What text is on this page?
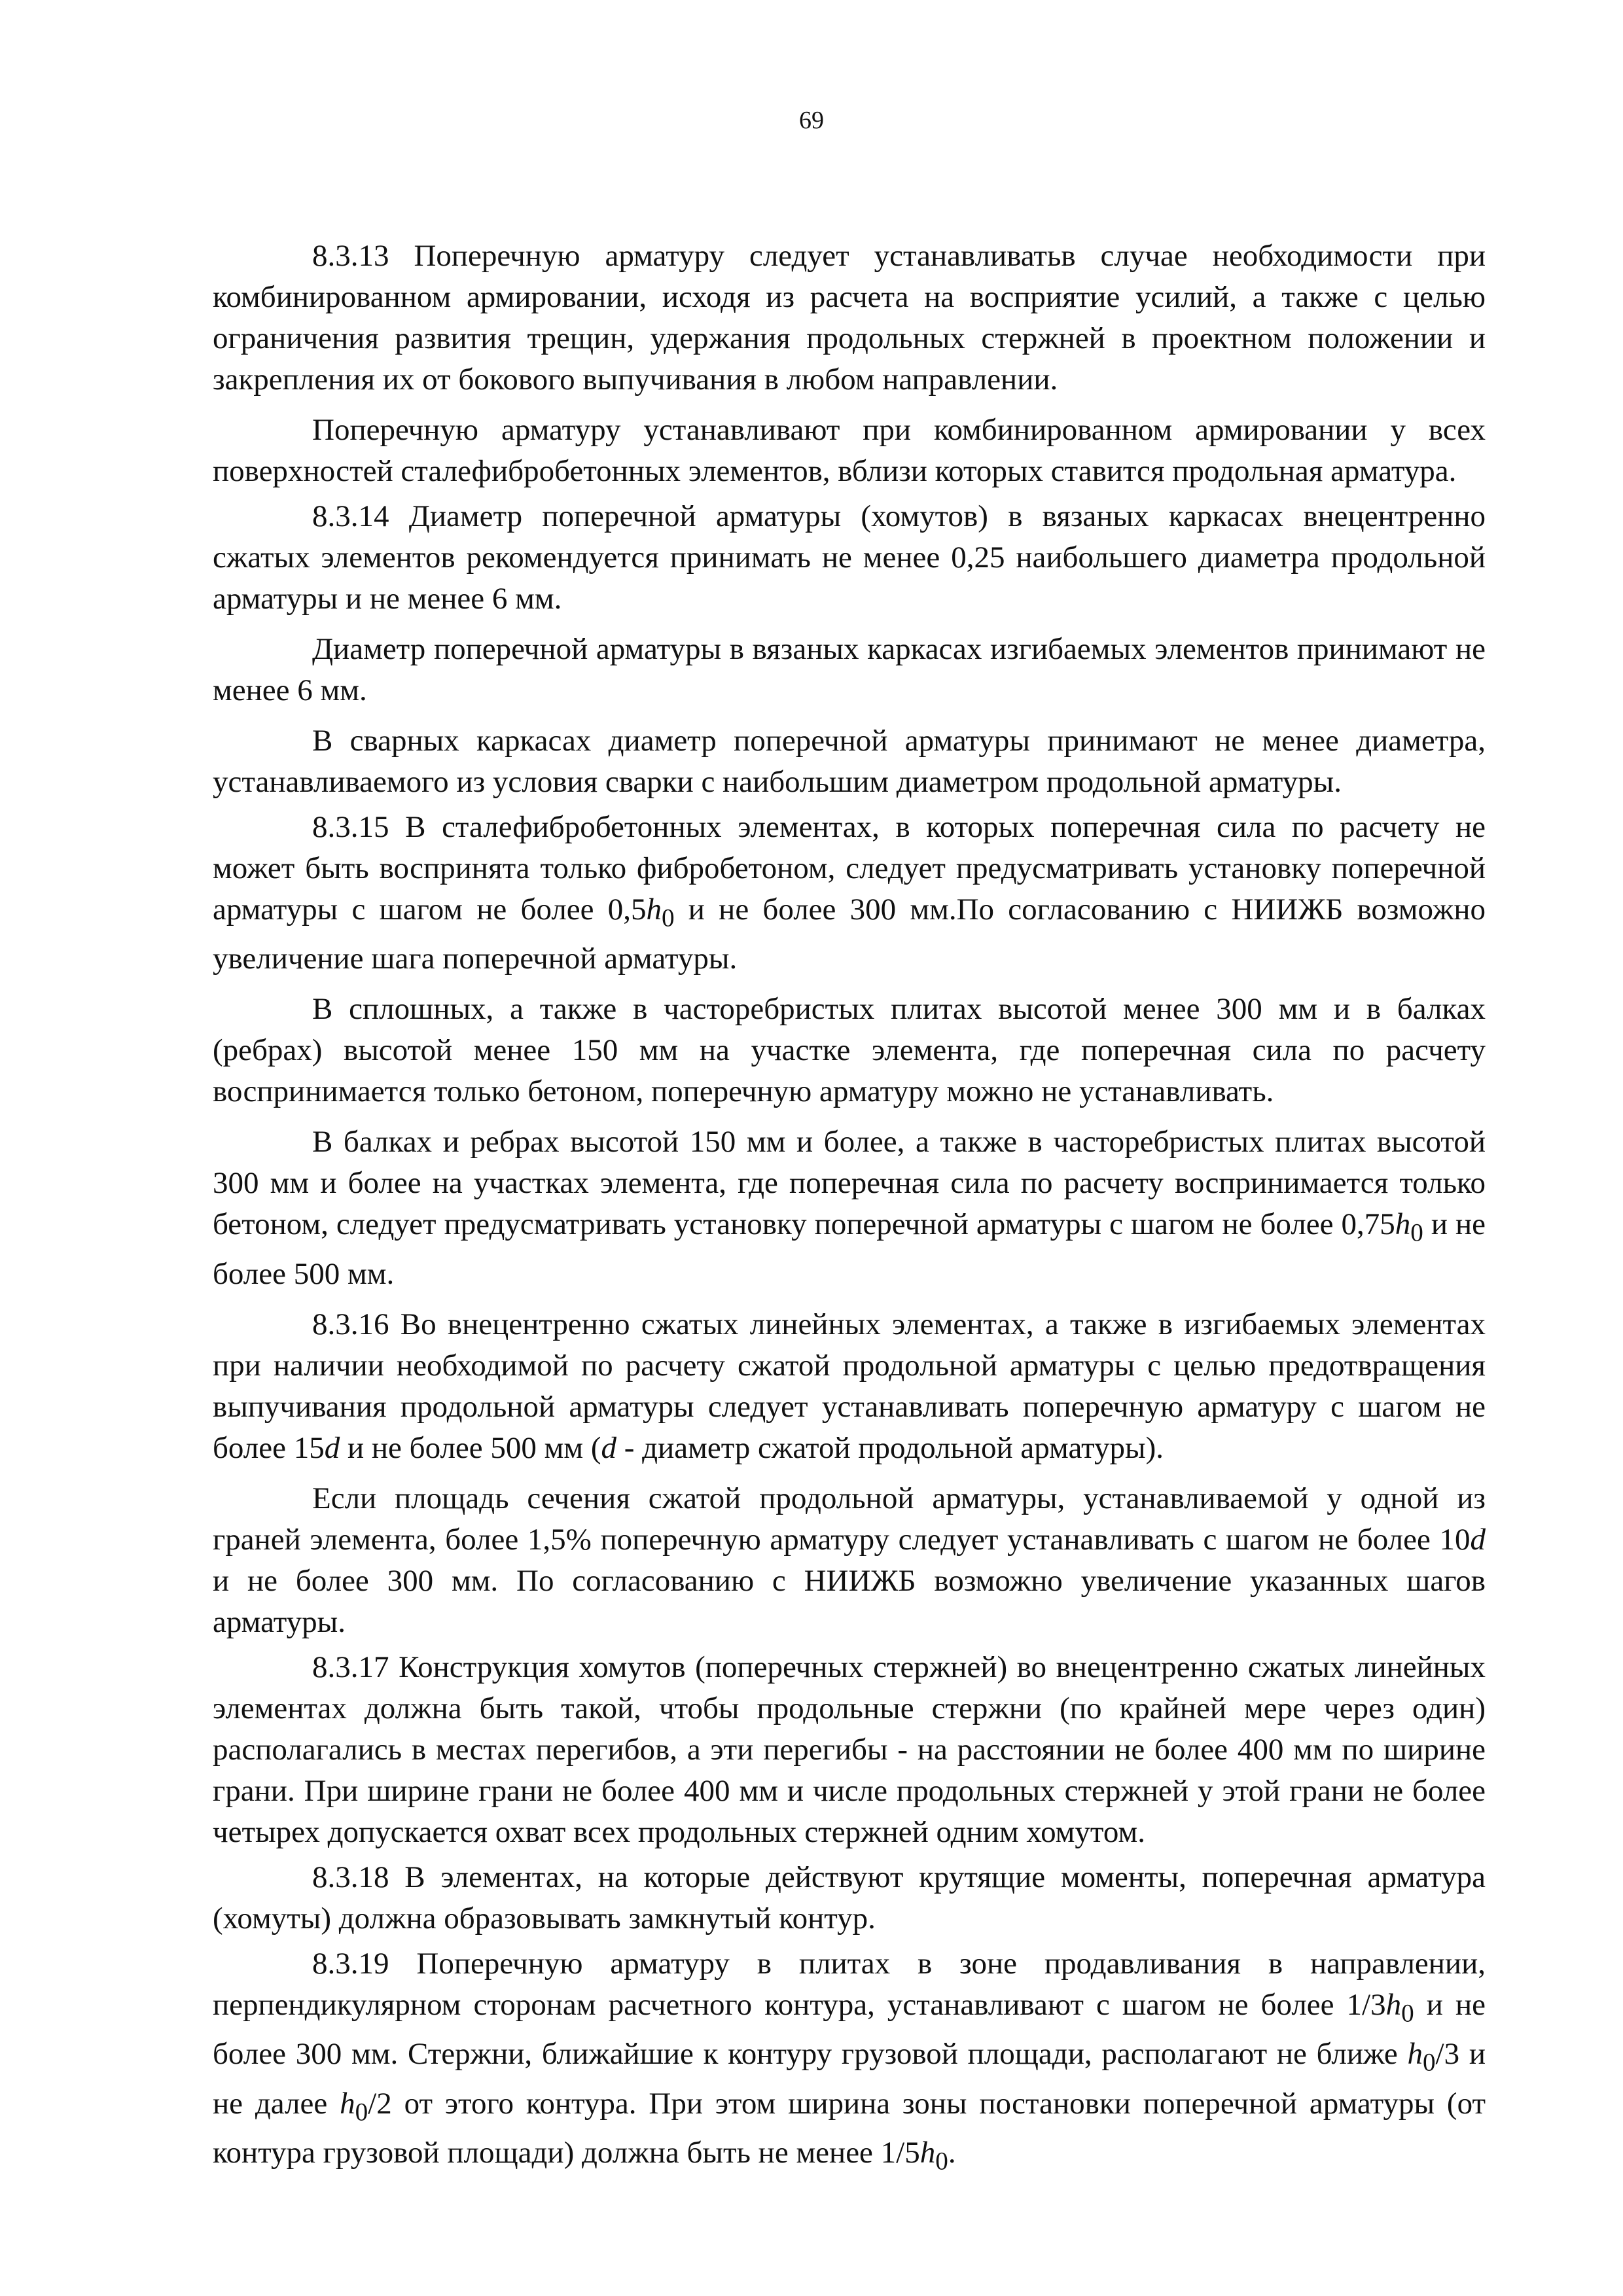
69

8.3.13 Поперечную арматуру следует устанавливатьв случае необходимости при комбинированном армировании, исходя из расчета на восприятие усилий, а также с целью ограничения развития трещин, удержания продольных стержней в проектном положении и закрепления их от бокового выпучивания в любом направлении.

Поперечную арматуру устанавливают при комбинированном армировании у всех поверхностей сталефибробетонных элементов, вблизи которых ставится продольная арматура.

8.3.14 Диаметр поперечной арматуры (хомутов) в вязаных каркасах внецентренно сжатых элементов рекомендуется принимать не менее 0,25 наибольшего диаметра продольной арматуры и не менее 6 мм.

Диаметр поперечной арматуры в вязаных каркасах изгибаемых элементов принимают не менее 6 мм.

В сварных каркасах диаметр поперечной арматуры принимают не менее диаметра, устанавливаемого из условия сварки с наибольшим диаметром продольной арматуры.

8.3.15 В сталефибробетонных элементах, в которых поперечная сила по расчету не может быть воспринята только фибробетоном, следует предусматривать установку поперечной арматуры с шагом не более $0,5h_0$ и не более 300 мм.По согласованию с НИИЖБ возможно увеличение шага поперечной арматуры.

В сплошных, а также в часторебристых плитах высотой менее 300 мм и в балках (ребрах) высотой менее 150 мм на участке элемента, где поперечная сила по расчету воспринимается только бетоном, поперечную арматуру можно не устанавливать.

В балках и ребрах высотой 150 мм и более, а также в часторебристых плитах высотой 300 мм и более на участках элемента, где поперечная сила по расчету воспринимается только бетоном, следует предусматривать установку поперечной арматуры с шагом не более $0,75h_0$ и не более 500 мм.

8.3.16 Во внецентренно сжатых линейных элементах, а также в изгибаемых элементах при наличии необходимой по расчету сжатой продольной арматуры с целью предотвращения выпучивания продольной арматуры следует устанавливать поперечную арматуру с шагом не более 15d и не более 500 мм (d - диаметр сжатой продольной арматуры).

Если площадь сечения сжатой продольной арматуры, устанавливаемой у одной из граней элемента, более 1,5% поперечную арматуру следует устанавливать с шагом не более 10d и не более 300 мм. По согласованию с НИИЖБ возможно увеличение указанных шагов арматуры.

8.3.17 Конструкция хомутов (поперечных стержней) во внецентренно сжатых линейных элементах должна быть такой, чтобы продольные стержни (по крайней мере через один) располагались в местах перегибов, а эти перегибы - на расстоянии не более 400 мм по ширине грани. При ширине грани не более 400 мм и числе продольных стержней у этой грани не более четырех допускается охват всех продольных стержней одним хомутом.

8.3.18 В элементах, на которые действуют крутящие моменты, поперечная арматура (хомуты) должна образовывать замкнутый контур.

8.3.19 Поперечную арматуру в плитах в зоне продавливания в направлении, перпендикулярном сторонам расчетного контура, устанавливают с шагом не более $1/3h_0$ и не более 300 мм. Стержни, ближайшие к контуру грузовой площади, располагают не ближе $h_0/3$ и не далее $h_0/2$ от этого контура. При этом ширина зоны постановки поперечной арматуры (от контура грузовой площади) должна быть не менее $1/5h_0$.
